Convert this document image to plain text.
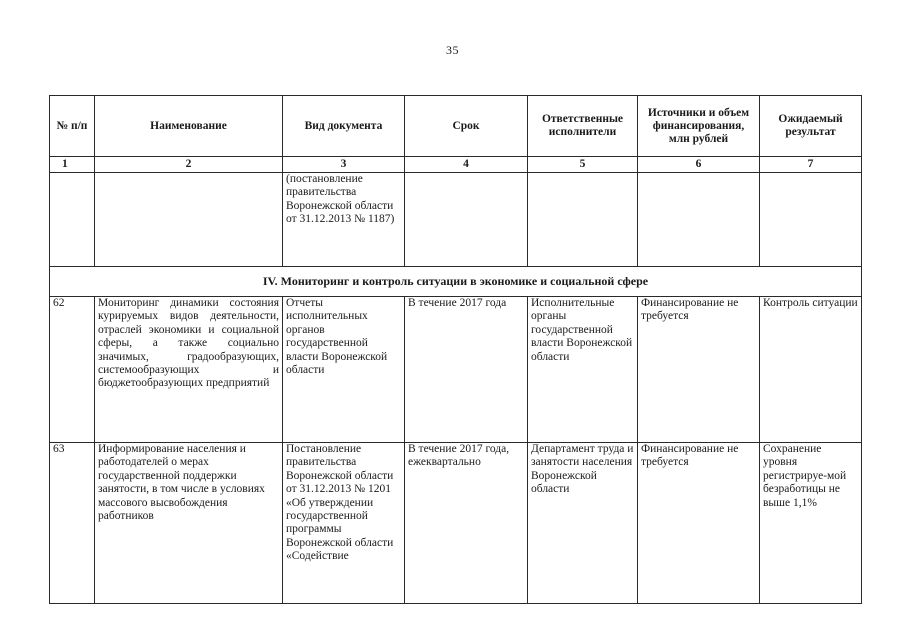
35
№ п/п	Наименование	Вид документа	Срок	Ответственные исполнители	Источники и объем финансирования, млн рублей	Ожидаемый результат
1	2	3	4	5	6	7
		(постановление правительства Воронежской области от 31.12.2013 № 1187)				
IV. Мониторинг и контроль ситуации в экономике и социальной сфере						
62	Мониторинг динамики состояния курируемых видов деятельности, отраслей экономики и социальной сферы, а также социально значимых, градообразующих, системообразующих и бюджетообразующих предприятий	Отчеты исполнительных органов государственной власти Воронежской области	В течение 2017 года	Исполнительные органы государственной власти Воронежской области	Финансирование не требуется	Контроль ситуации
63	Информирование населения и работодателей о мерах государственной поддержки занятости, в том числе в условиях массового высвобождения работников	Постановление правительства Воронежской области от 31.12.2013 № 1201 «Об утверждении государственной программы Воронежской области «Содействие	В течение 2017 года, ежеквартально	Департамент труда и занятости населения Воронежской области	Финансирование не требуется	Сохранение уровня регистрируе-мой безработицы не выше 1,1%
